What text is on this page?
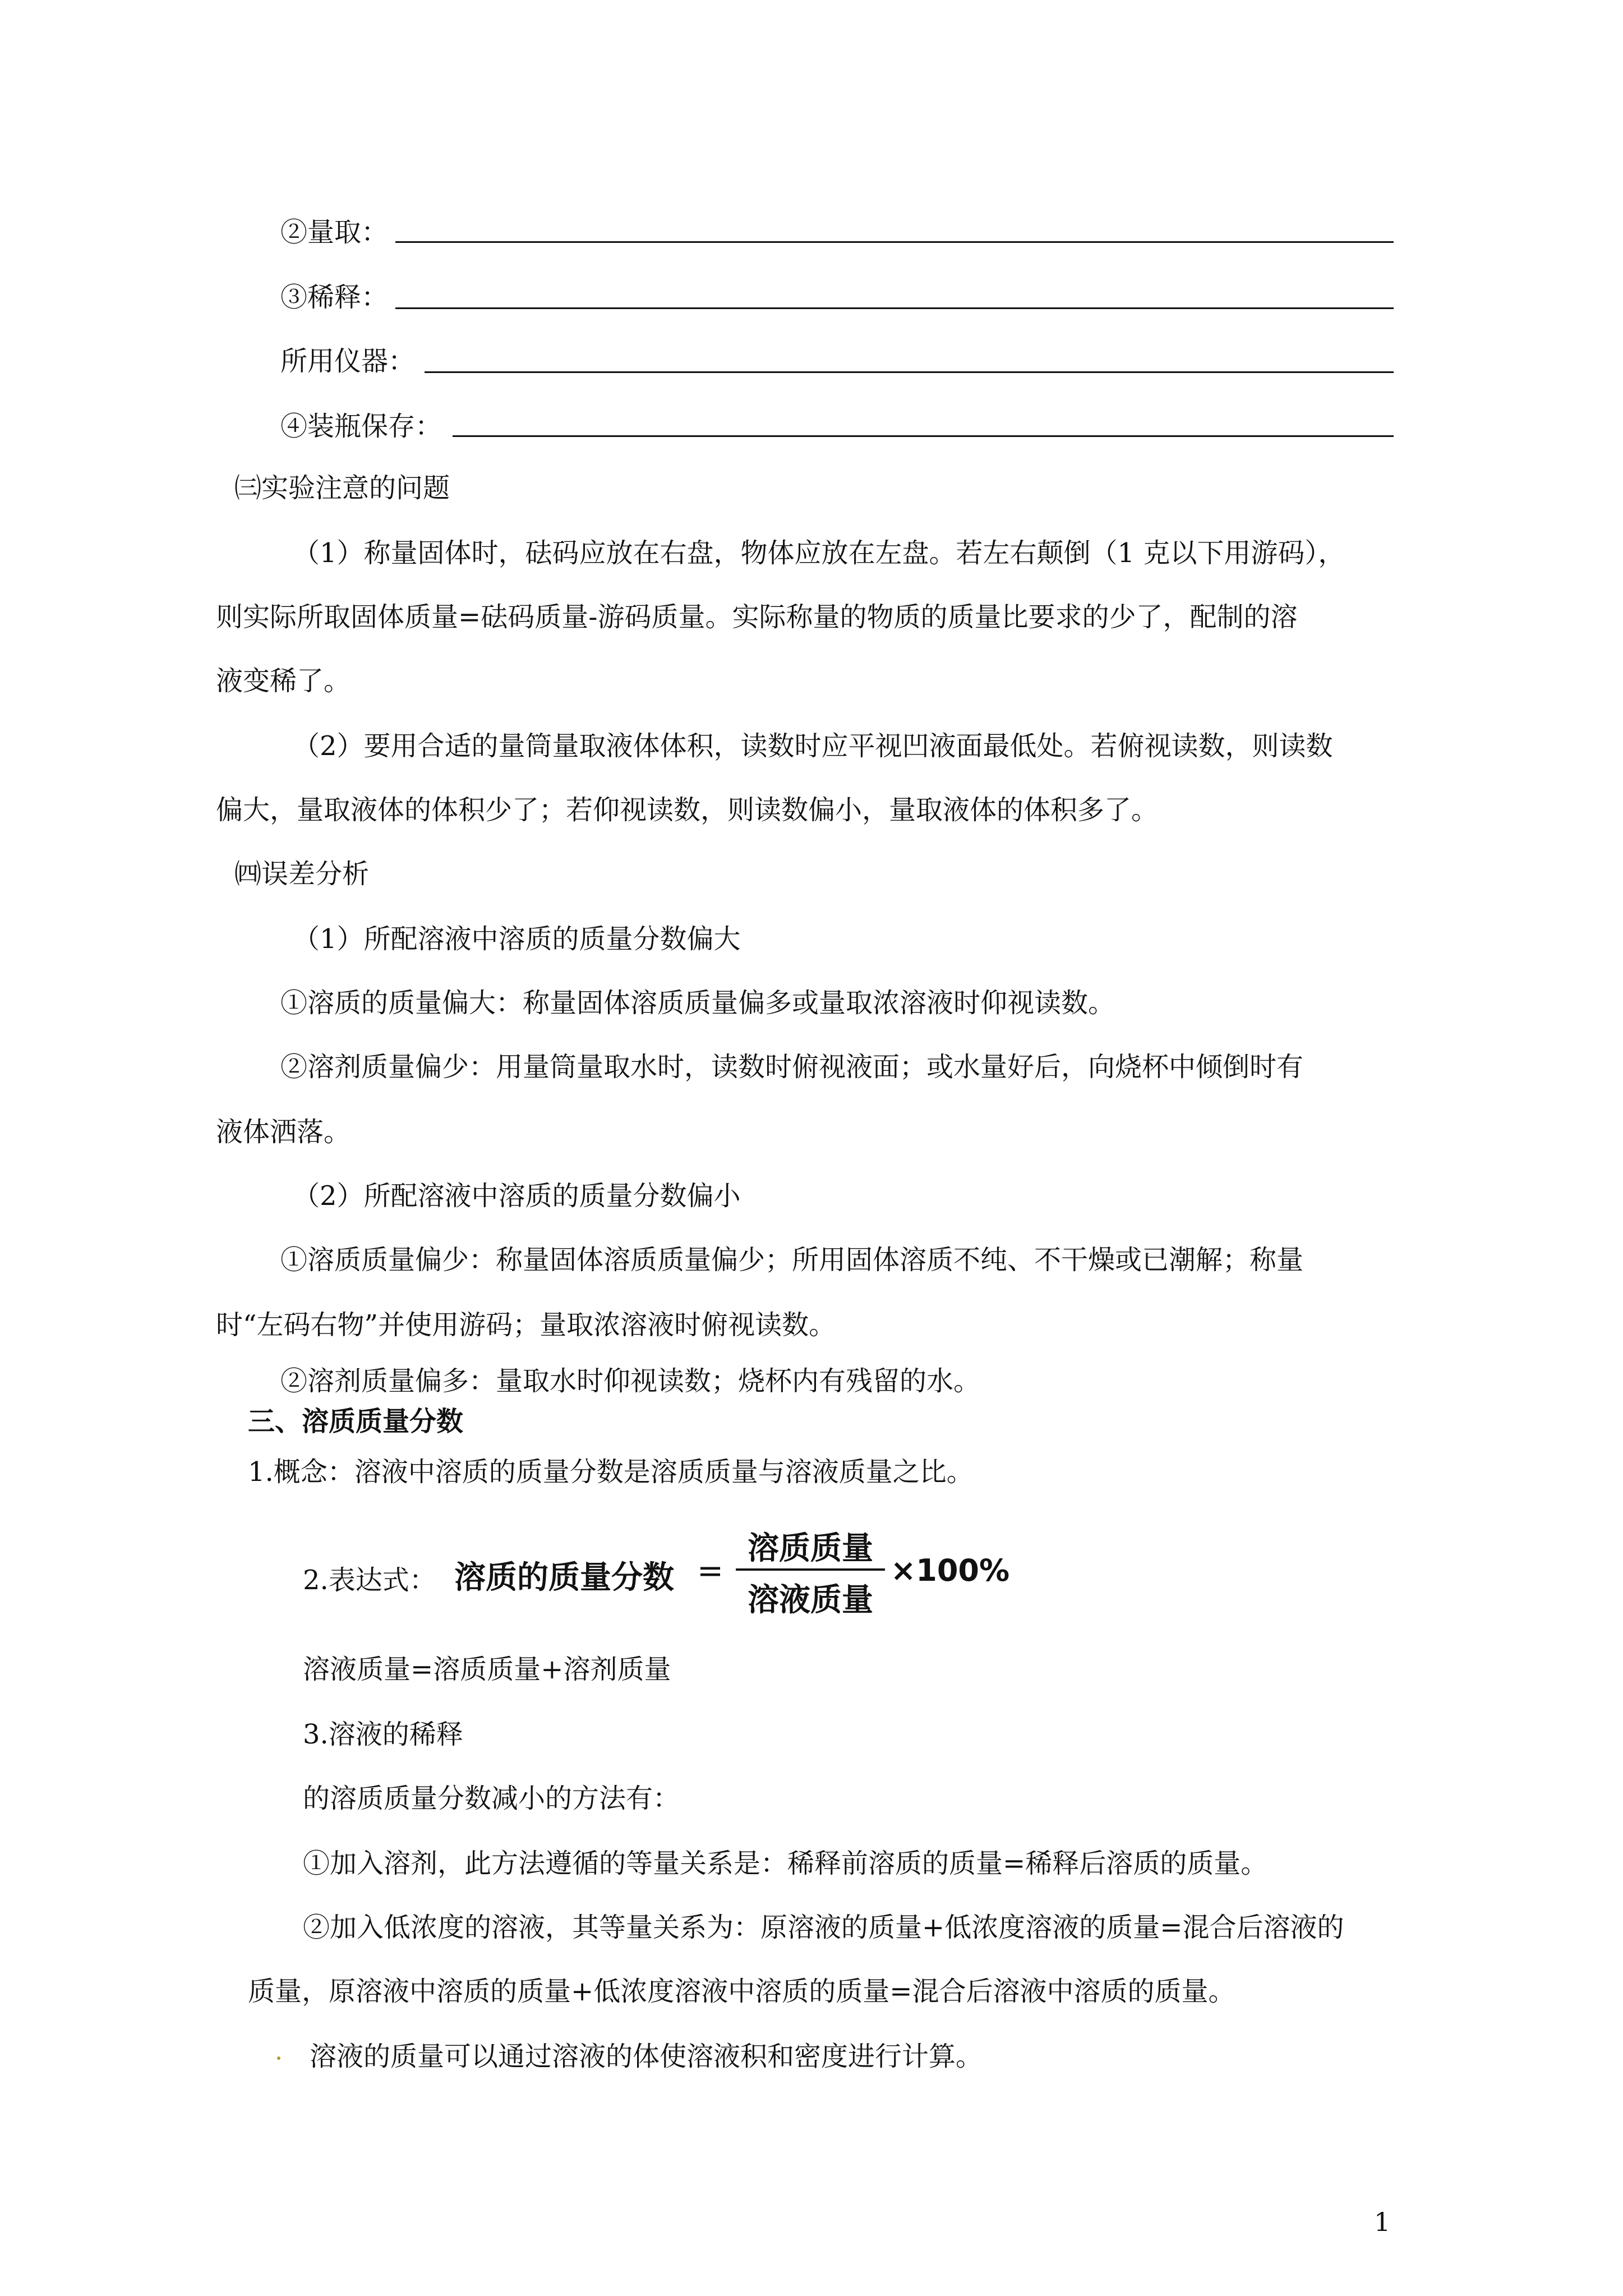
②量取：

③稀释：

所用仪器：

④装瓶保存：

㈢实验注意的问题

（1）称量固体时，砝码应放在右盘，物体应放在左盘。若左右颠倒（1 克以下用游码），

则实际所取固体质量=砝码质量-游码质量。实际称量的物质的质量比要求的少了，配制的溶

液变稀了。

（2）要用合适的量筒量取液体体积，读数时应平视凹液面最低处。若俯视读数，则读数

偏大，量取液体的体积少了；若仰视读数，则读数偏小，量取液体的体积多了。

㈣误差分析

（1）所配溶液中溶质的质量分数偏大

①溶质的质量偏大：称量固体溶质质量偏多或量取浓溶液时仰视读数。

②溶剂质量偏少：用量筒量取水时，读数时俯视液面；或水量好后，向烧杯中倾倒时有

液体洒落。

（2）所配溶液中溶质的质量分数偏小

①溶质质量偏少：称量固体溶质质量偏少；所用固体溶质不纯、不干燥或已潮解；称量

时“左码右物”并使用游码；量取浓溶液时俯视读数。

②溶剂质量偏多：量取水时仰视读数；烧杯内有残留的水。

三、溶质质量分数

1.概念：溶液中溶质的质量分数是溶质质量与溶液质量之比。

2.表达式： 溶质的质量分数 =
溶质质量
溶液质量
×100%

溶液质量=溶质质量+溶剂质量

3.溶液的稀释

的溶质质量分数减小的方法有：

①加入溶剂，此方法遵循的等量关系是：稀释前溶质的质量=稀释后溶质的质量。

②加入低浓度的溶液，其等量关系为：原溶液的质量+低浓度溶液的质量=混合后溶液的

质量，原溶液中溶质的质量+低浓度溶液中溶质的质量=混合后溶液中溶质的质量。

溶液的质量可以通过溶液的体使溶液积和密度进行计算。

1
